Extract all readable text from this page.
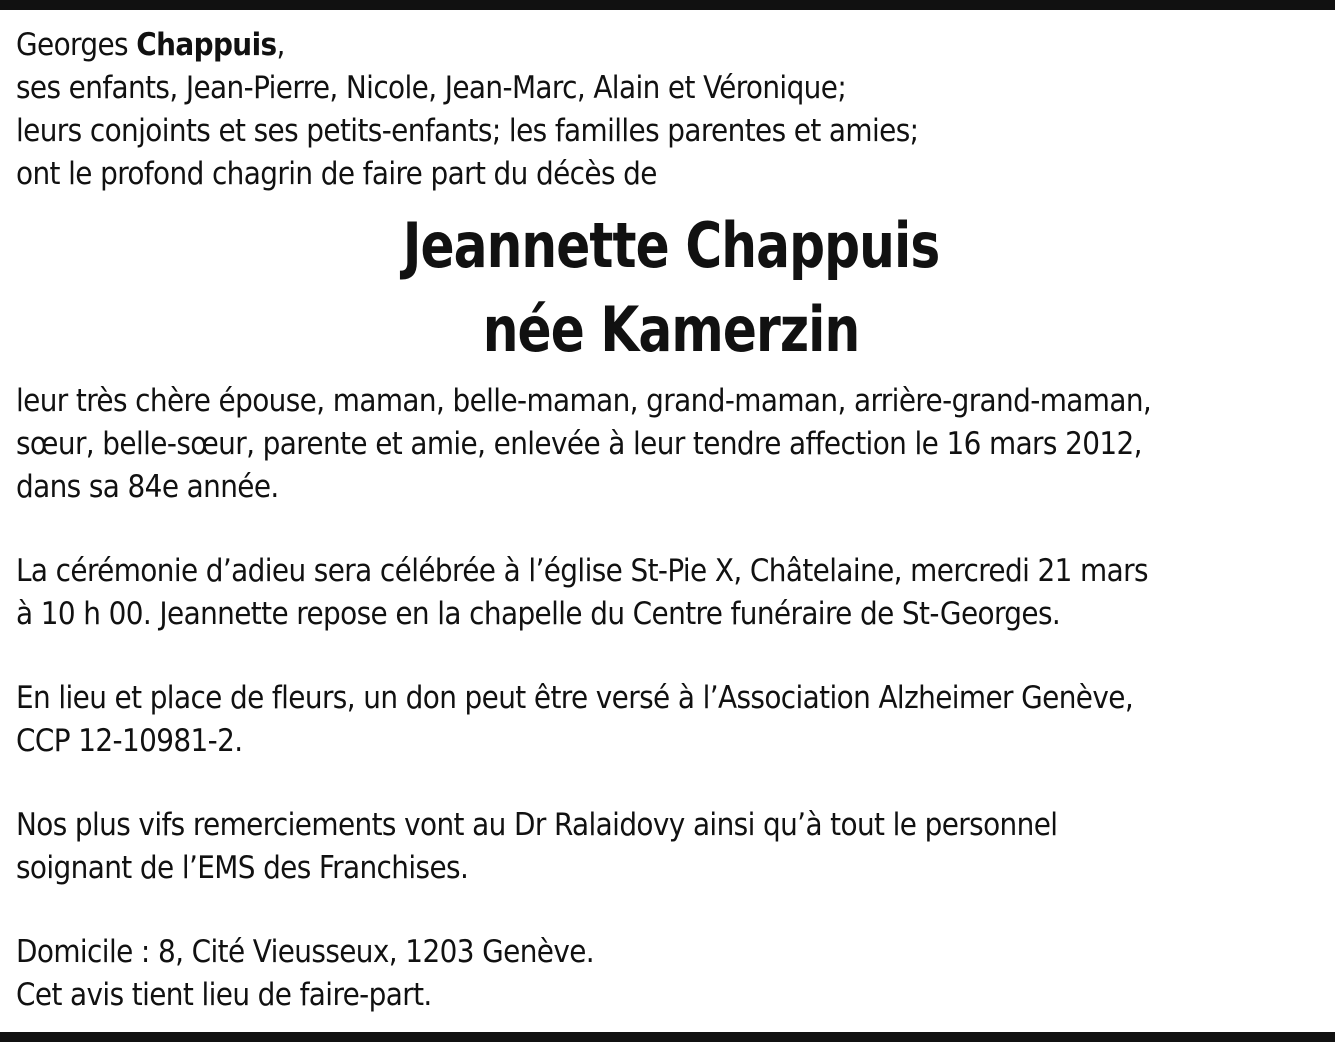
Georges Chappuis,
ses enfants, Jean-Pierre, Nicole, Jean-Marc, Alain et Véronique;
leurs conjoints et ses petits-enfants; les familles parentes et amies;
ont le profond chagrin de faire part du décès de

Jeannette Chappuis
née Kamerzin

leur très chère épouse, maman, belle-maman, grand-maman, arrière-grand-maman,
sœur, belle-sœur, parente et amie, enlevée à leur tendre affection le 16 mars 2012,
dans sa 84e année.

La cérémonie d’adieu sera célébrée à l’église St-Pie X, Châtelaine, mercredi 21 mars
à 10 h 00. Jeannette repose en la chapelle du Centre funéraire de St-Georges.

En lieu et place de fleurs, un don peut être versé à l’Association Alzheimer Genève,
CCP 12-10981-2.

Nos plus vifs remerciements vont au Dr Ralaidovy ainsi qu’à tout le personnel
soignant de l’EMS des Franchises.

Domicile : 8, Cité Vieusseux, 1203 Genève.
Cet avis tient lieu de faire-part.
